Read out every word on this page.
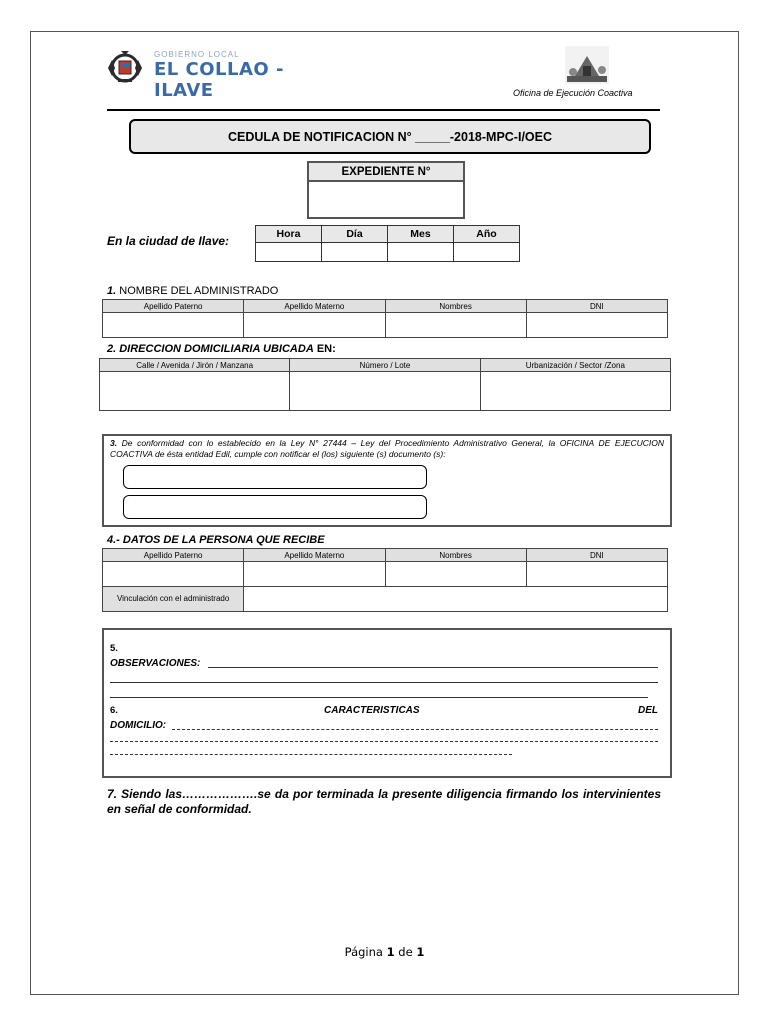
GOBIERNO LOCAL
EL COLLAO - ILAVE	Oficina de Ejecución Coactiva
CEDULA DE NOTIFICACION N° _____-2018-MPC-I/OEC
EXPEDIENTE N°
En la ciudad de Ilave:	Hora	Día	Mes	Año

1. NOMBRE DEL ADMINISTRADO
Apellido Paterno	Apellido Materno	Nombres	DNI

2. DIRECCION DOMICILIARIA UBICADA EN:
Calle / Avenida / Jirón / Manzana	Número / Lote	Urbanización / Sector /Zona

3. De conformidad con lo establecido en la Ley N° 27444 – Ley del Procedimiento Administrativo General, la OFICINA DE EJECUCION COACTIVA de ésta entidad Edil, cumple con notificar el (los) siguiente (s) documento (s):
4.- DATOS DE LA PERSONA QUE RECIBE
Apellido Paterno	Apellido Materno	Nombres	DNI

Vinculación con el administrado			
5.
OBSERVACIONES:
6.	CARACTERISTICAS	DEL
DOMICILIO:
7. Siendo las……………….se da por terminada la presente diligencia firmando los intervinientes en señal de conformidad.
Página 1 de 1
